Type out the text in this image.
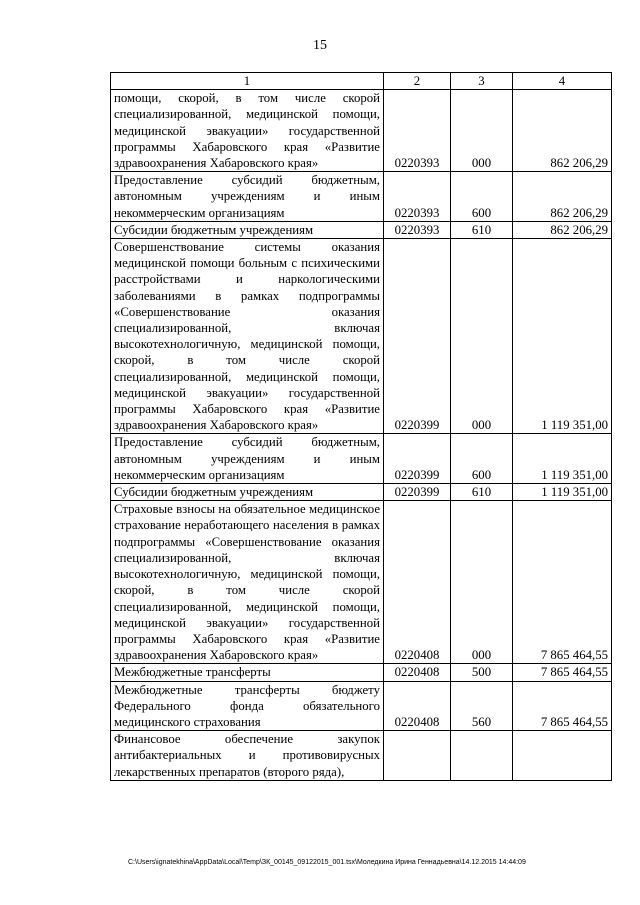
15
1	2	3	4
помощи, скорой, в том числе скорой специализированной, медицинской помощи, медицинской эвакуации» государственной программы Хабаровского края «Развитие здравоохранения Хабаровского края»	0220393	000	862 206,29
Предоставление субсидий бюджетным, автономным учреждениям и иным некоммерческим организациям	0220393	600	862 206,29
Субсидии бюджетным учреждениям	0220393	610	862 206,29
Совершенствование системы оказания медицинской помощи больным с психическими расстройствами и наркологическими заболеваниями в рамках подпрограммы «Совершенствование оказания специализированной, включая высокотехнологичную, медицинской помощи, скорой, в том числе скорой специализированной, медицинской помощи, медицинской эвакуации» государственной программы Хабаровского края «Развитие здравоохранения Хабаровского края»	0220399	000	1 119 351,00
Предоставление субсидий бюджетным, автономным учреждениям и иным некоммерческим организациям	0220399	600	1 119 351,00
Субсидии бюджетным учреждениям	0220399	610	1 119 351,00
Страховые взносы на обязательное медицинское страхование неработающего населения в рамках подпрограммы «Совершенствование оказания специализированной, включая высокотехнологичную, медицинской помощи, скорой, в том числе скорой специализированной, медицинской помощи, медицинской эвакуации» государственной программы Хабаровского края «Развитие здравоохранения Хабаровского края»	0220408	000	7 865 464,55
Межбюджетные трансферты	0220408	500	7 865 464,55
Межбюджетные трансферты бюджету Федерального фонда обязательного медицинского страхования	0220408	560	7 865 464,55
Финансовое обеспечение закупок антибактериальных и противовирусных лекарственных препаратов (второго ряда),			
C:\Users\ignatekhina\AppData\Local\Temp\ЗК_00145_09122015_001.tsx\Моледкина Ирина Геннадьевна\14.12.2015 14:44:09
